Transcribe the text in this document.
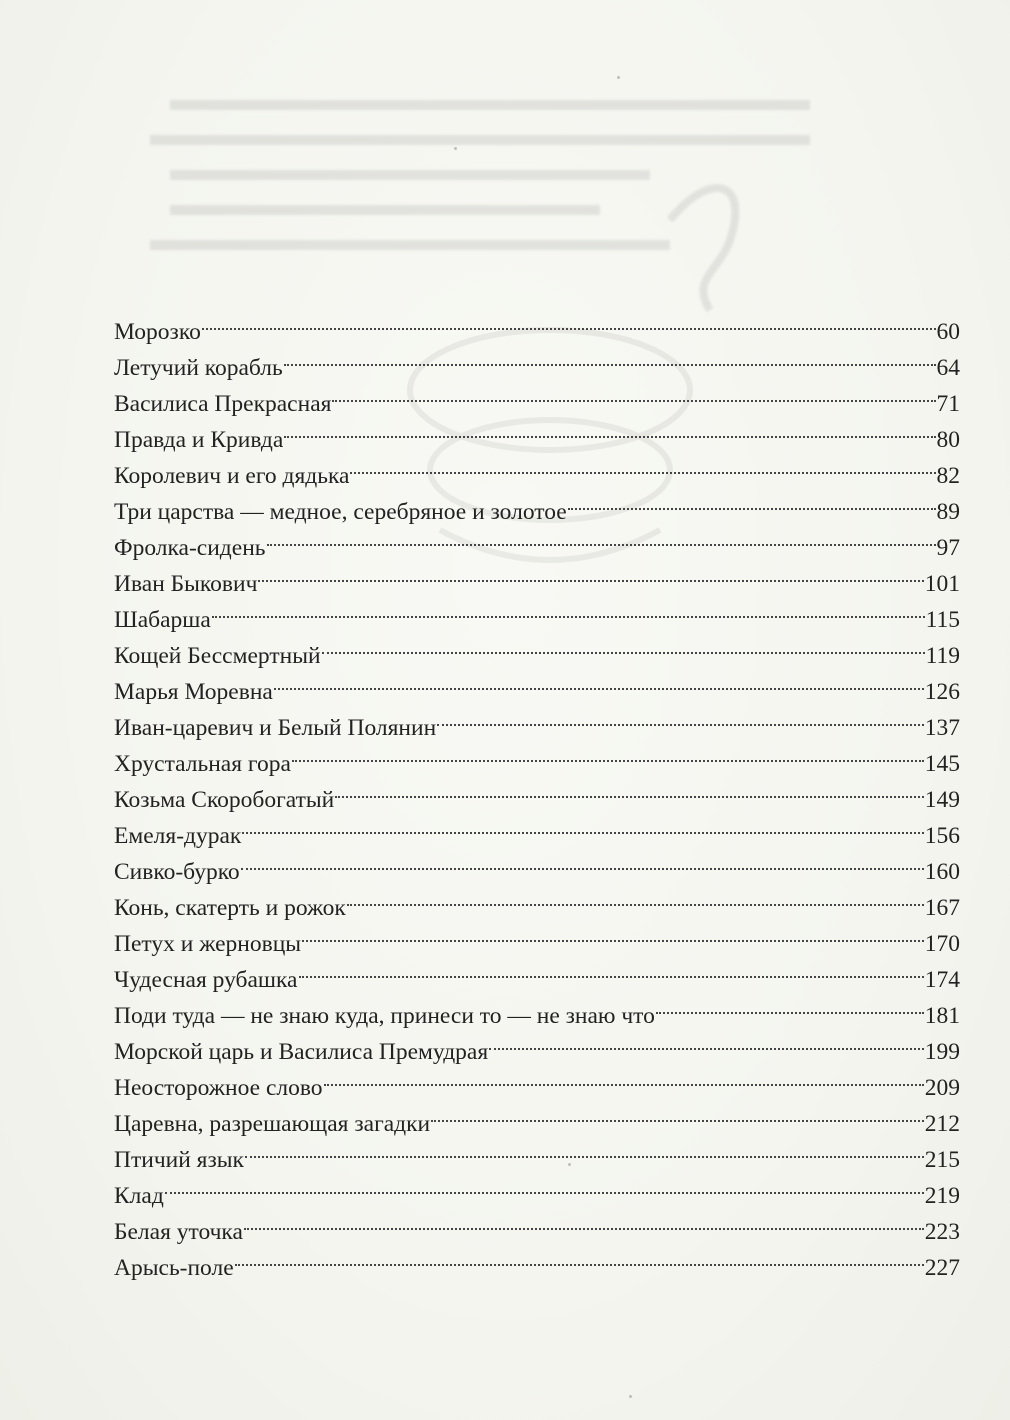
Морозко	60
Летучий корабль	64
Василиса Прекрасная	71
Правда и Кривда	80
Королевич и его дядька	82
Три царства — медное, серебряное и золотое	89
Фролка-сидень	97
Иван Быкович	101
Шабарша	115
Кощей Бессмертный	119
Марья Моревна	126
Иван-царевич и Белый Полянин	137
Хрустальная гора	145
Козьма Скоробогатый	149
Емеля-дурак	156
Сивко-бурко	160
Конь, скатерть и рожок	167
Петух и жерновцы	170
Чудесная рубашка	174
Поди туда — не знаю куда, принеси то — не знаю что	181
Морской царь и Василиса Премудрая	199
Неосторожное слово	209
Царевна, разрешающая загадки	212
Птичий язык	215
Клад	219
Белая уточка	223
Арысь-поле	227
